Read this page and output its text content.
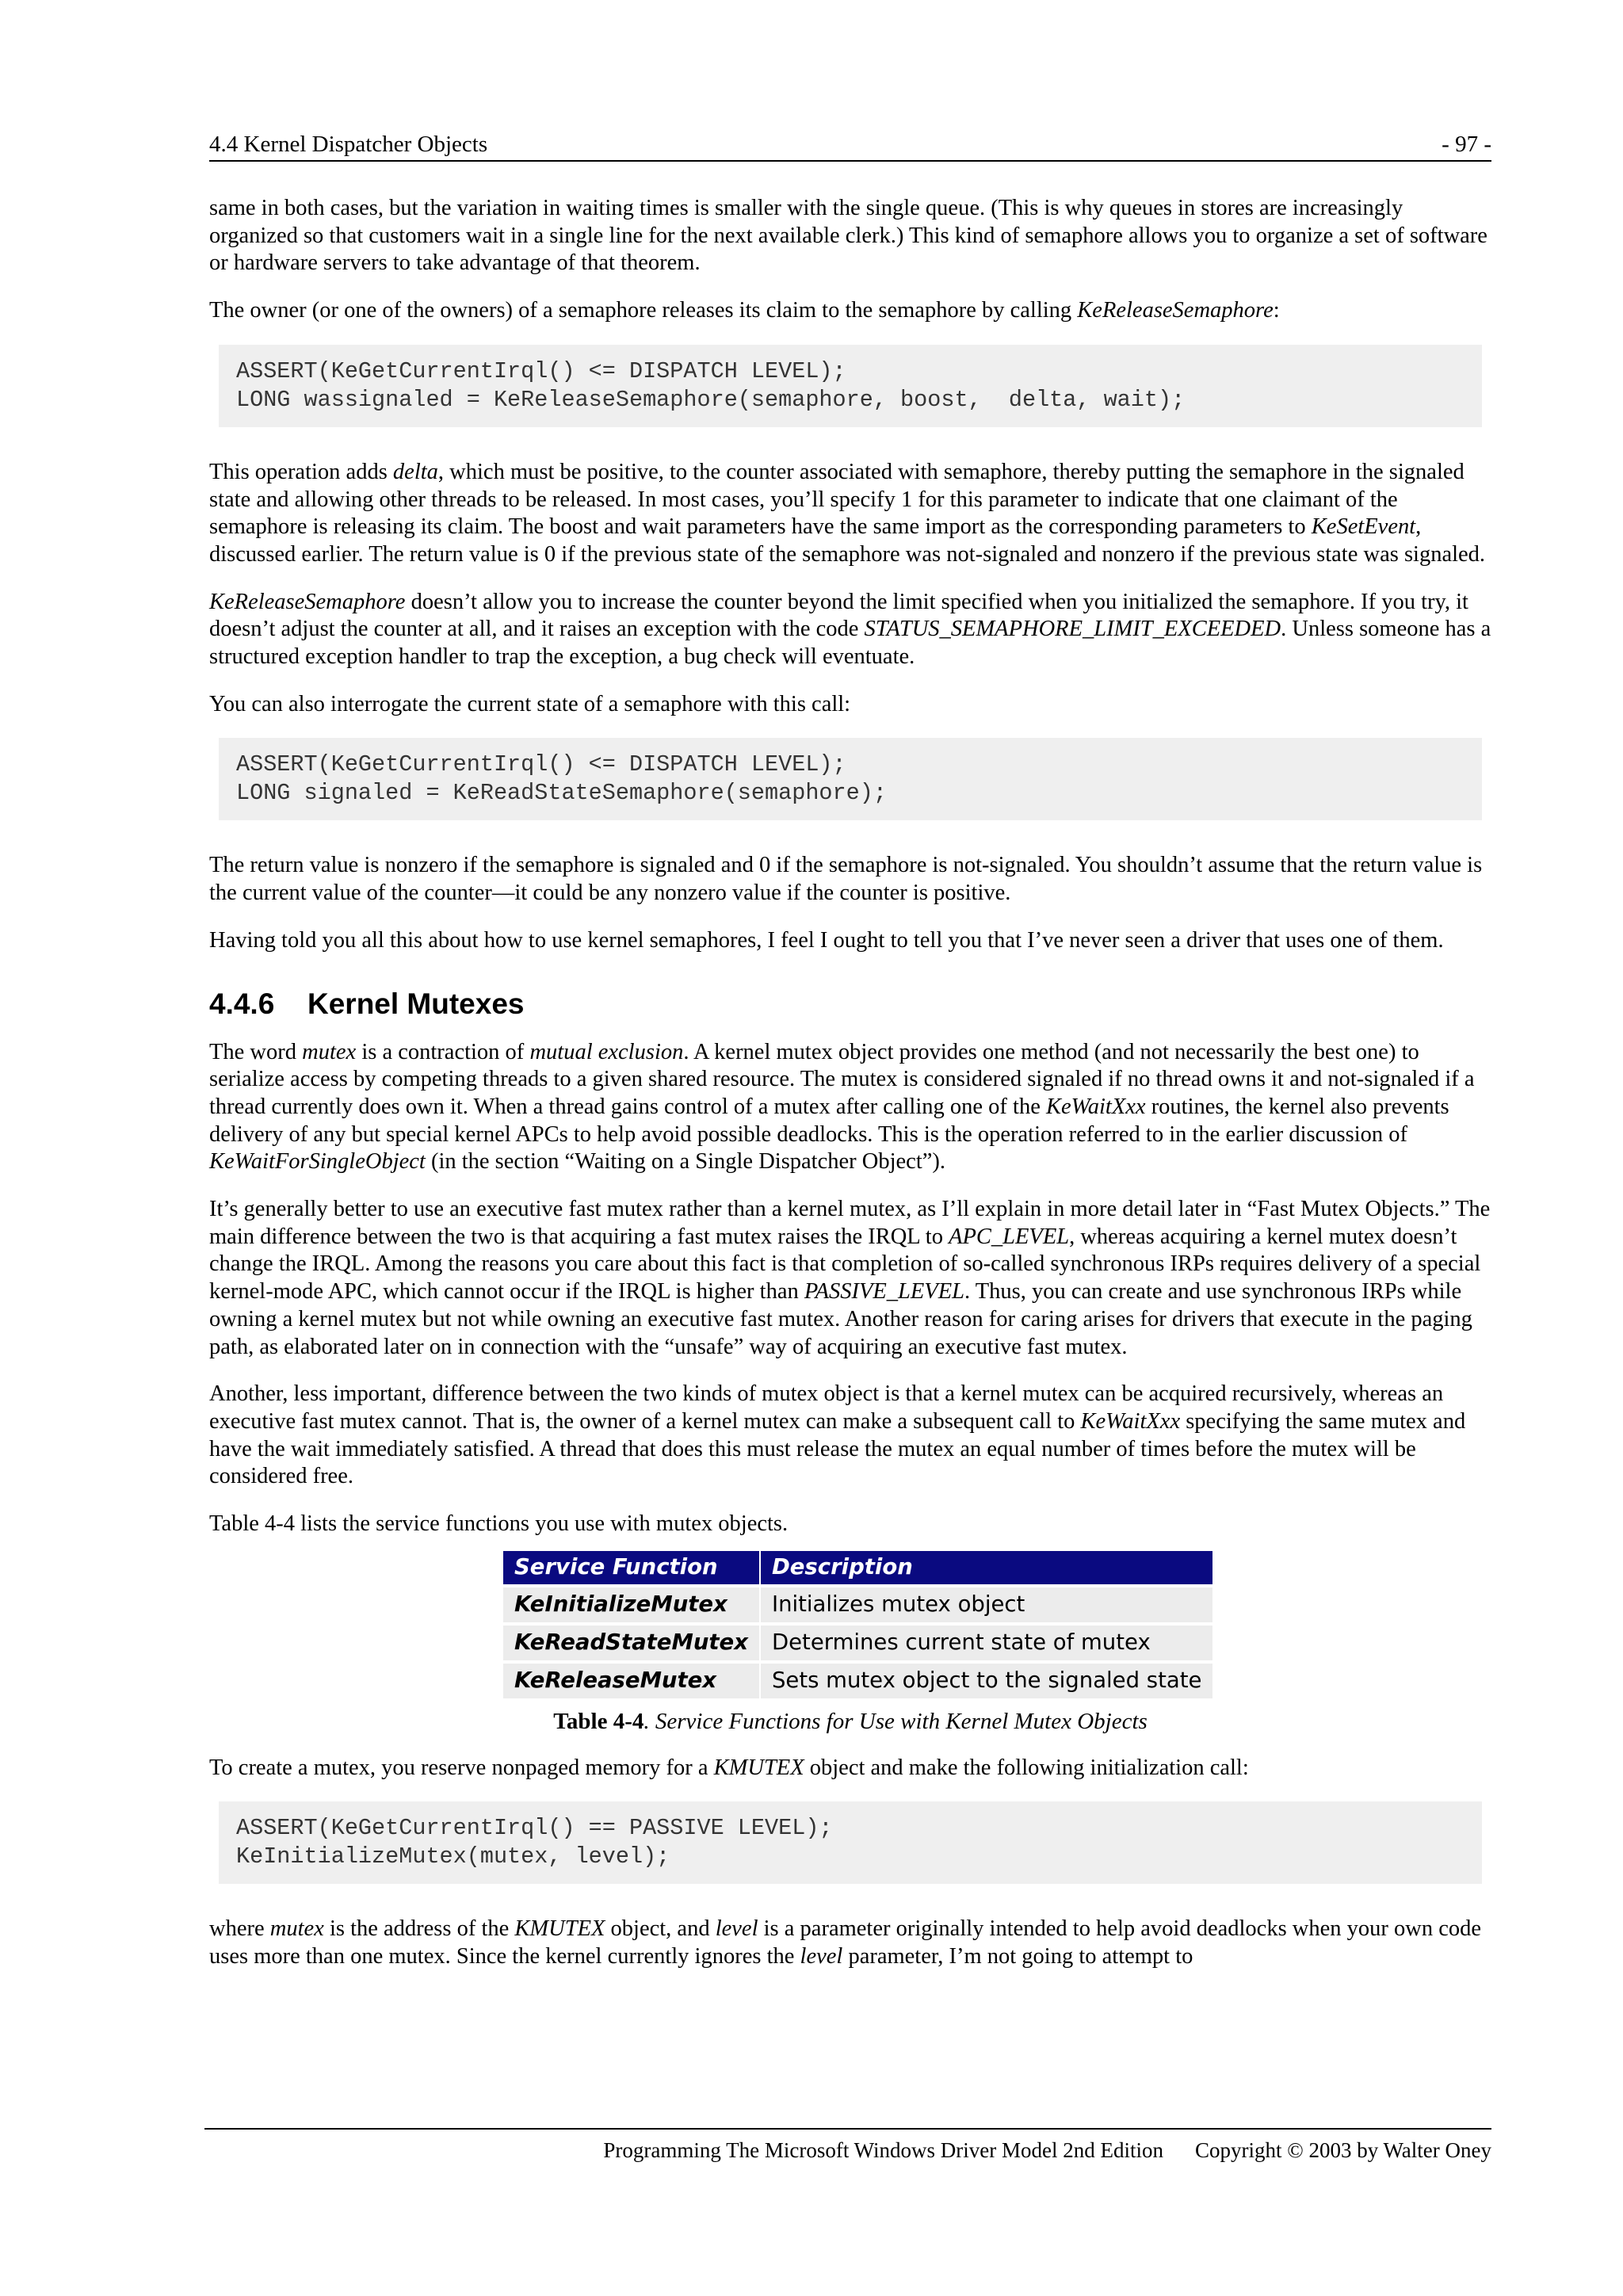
4.4 Kernel Dispatcher Objects	- 97 -

same in both cases, but the variation in waiting times is smaller with the single queue. (This is why queues in stores are increasingly organized so that customers wait in a single line for the next available clerk.) This kind of semaphore allows you to organize a set of software or hardware servers to take advantage of that theorem.

The owner (or one of the owners) of a semaphore releases its claim to the semaphore by calling KeReleaseSemaphore:

ASSERT(KeGetCurrentIrql() <= DISPATCH LEVEL);
LONG wassignaled = KeReleaseSemaphore(semaphore, boost,  delta, wait);

This operation adds delta, which must be positive, to the counter associated with semaphore, thereby putting the semaphore in the signaled state and allowing other threads to be released. In most cases, you’ll specify 1 for this parameter to indicate that one claimant of the semaphore is releasing its claim. The boost and wait parameters have the same import as the corresponding parameters to KeSetEvent, discussed earlier. The return value is 0 if the previous state of the semaphore was not-signaled and nonzero if the previous state was signaled.

KeReleaseSemaphore doesn’t allow you to increase the counter beyond the limit specified when you initialized the semaphore. If you try, it doesn’t adjust the counter at all, and it raises an exception with the code STATUS_SEMAPHORE_LIMIT_EXCEEDED. Unless someone has a structured exception handler to trap the exception, a bug check will eventuate.

You can also interrogate the current state of a semaphore with this call:

ASSERT(KeGetCurrentIrql() <= DISPATCH LEVEL);
LONG signaled = KeReadStateSemaphore(semaphore);

The return value is nonzero if the semaphore is signaled and 0 if the semaphore is not-signaled. You shouldn’t assume that the return value is the current value of the counter—it could be any nonzero value if the counter is positive.

Having told you all this about how to use kernel semaphores, I feel I ought to tell you that I’ve never seen a driver that uses one of them.

4.4.6 Kernel Mutexes

The word mutex is a contraction of mutual exclusion. A kernel mutex object provides one method (and not necessarily the best one) to serialize access by competing threads to a given shared resource. The mutex is considered signaled if no thread owns it and not-signaled if a thread currently does own it. When a thread gains control of a mutex after calling one of the KeWaitXxx routines, the kernel also prevents delivery of any but special kernel APCs to help avoid possible deadlocks. This is the operation referred to in the earlier discussion of KeWaitForSingleObject (in the section “Waiting on a Single Dispatcher Object”).

It’s generally better to use an executive fast mutex rather than a kernel mutex, as I’ll explain in more detail later in “Fast Mutex Objects.” The main difference between the two is that acquiring a fast mutex raises the IRQL to APC_LEVEL, whereas acquiring a kernel mutex doesn’t change the IRQL. Among the reasons you care about this fact is that completion of so-called synchronous IRPs requires delivery of a special kernel-mode APC, which cannot occur if the IRQL is higher than PASSIVE_LEVEL. Thus, you can create and use synchronous IRPs while owning a kernel mutex but not while owning an executive fast mutex. Another reason for caring arises for drivers that execute in the paging path, as elaborated later on in connection with the “unsafe” way of acquiring an executive fast mutex.

Another, less important, difference between the two kinds of mutex object is that a kernel mutex can be acquired recursively, whereas an executive fast mutex cannot. That is, the owner of a kernel mutex can make a subsequent call to KeWaitXxx specifying the same mutex and have the wait immediately satisfied. A thread that does this must release the mutex an equal number of times before the mutex will be considered free.

Table 4-4 lists the service functions you use with mutex objects.

Service Function	Description
KeInitializeMutex	Initializes mutex object
KeReadStateMutex	Determines current state of mutex
KeReleaseMutex	Sets mutex object to the signaled state
Table 4-4. Service Functions for Use with Kernel Mutex Objects

To create a mutex, you reserve nonpaged memory for a KMUTEX object and make the following initialization call:

ASSERT(KeGetCurrentIrql() == PASSIVE LEVEL);
KeInitializeMutex(mutex, level);

where mutex is the address of the KMUTEX object, and level is a parameter originally intended to help avoid deadlocks when your own code uses more than one mutex. Since the kernel currently ignores the level parameter, I’m not going to attempt to

Programming The Microsoft Windows Driver Model 2nd Edition Copyright © 2003 by Walter Oney
